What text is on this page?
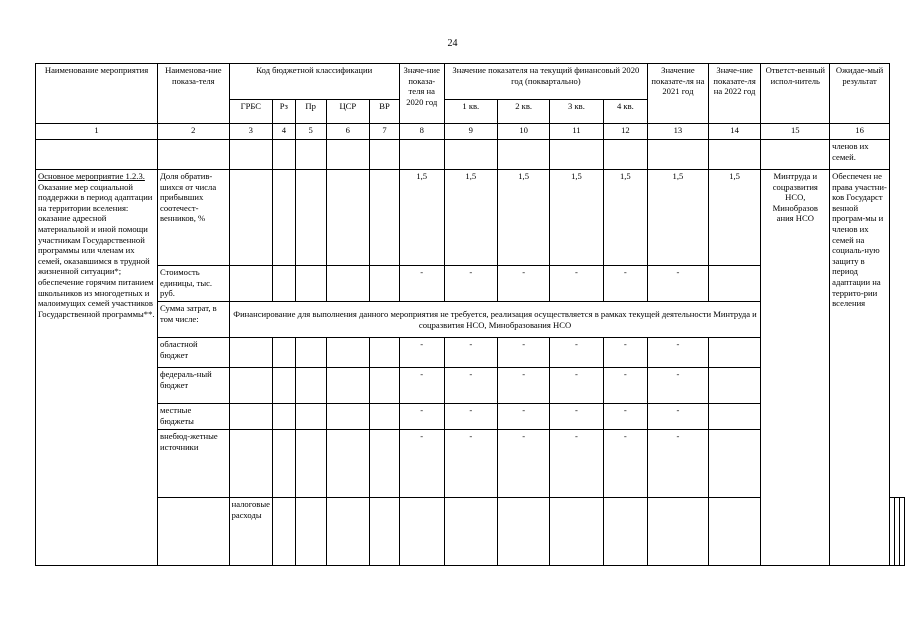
24
Наименование мероприятия	Наименова-ние показа-теля	Код бюджетной классификации					Значе-ние показа-теля на 2020 год	Значение показателя на текущий финансовый 2020 год (поквартально)				Значение показате-ля на 2021 год	Значе-ние показате-ля на 2022 год	Ответст-венный испол-нитель	Ожидае-мый результат			
		ГРБС	Рз	Пр	ЦСР	ВР		1 кв.	2 кв.	3 кв.	4 кв.							
1	2	3	4	5	6	7	8	9	10	11	12	13	14	15	16			
															членов их семей.			
Основное мероприятие 1.2.3.
Оказание мер социальной поддержки в период адаптации на территории вселения: оказание адресной материальной и иной помощи участникам Государственной программы или членам их семей, оказавшимся в трудной жизненной ситуации*; обеспечение горячим питанием школьников из многодетных и малоимущих семей участников Государственной программы**.	Доля обратив-шихся от числа прибывших соотечест-венников, %						1,5	1,5	1,5	1,5	1,5	1,5	1,5	Минтруда и соцразвития НСО, Минобразов ания НСО	Обеспечен не права участни-ков Государст венной програм-мы и членов их семей на социаль-ную защиту в период адаптации на террито-рии вселения			
	Стоимость единицы, тыс. руб.						-	-	-	-	-	-						
	Сумма затрат, в том числе:	Финансирование для выполнения данного мероприятия не требуется, реализация осуществляется в рамках текущей деятельности Минтруда и соцразвития НСО, Минобразования НСО																
	областной бюджет						-	-	-	-	-	-						
	федераль-ный бюджет						-	-	-	-	-	-						
	местные бюджеты						-	-	-	-	-	-						
	внебюд-жетные источники						-	-	-	-	-	-						
		налоговые расходы																
